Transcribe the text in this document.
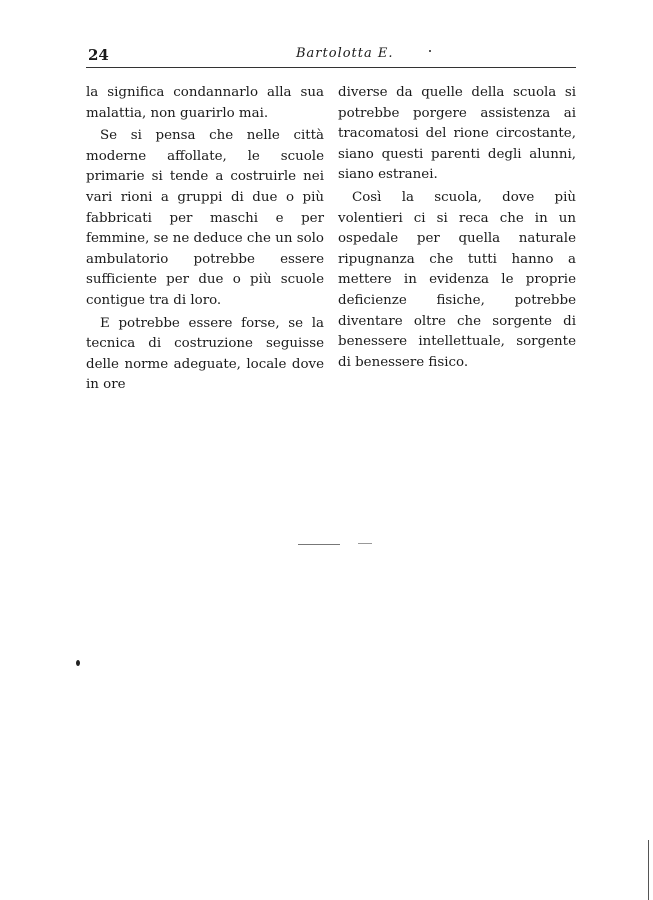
24	Bartolotta E.

la significa condannarlo alla sua malattia, non guarirlo mai.

Se si pensa che nelle città moderne affollate, le scuole primarie si tende a costruirle nei vari rioni a gruppi di due o più fabbricati per maschi e per femmine, se ne deduce che un solo ambulatorio potrebbe essere sufficiente per due o più scuole contigue tra di loro.

E potrebbe essere forse, se la tecnica di costruzione seguisse delle norme adeguate, locale dove in ore

diverse da quelle della scuola si potrebbe porgere assistenza ai tracomatosi del rione circostante, siano questi parenti degli alunni, siano estranei.

Così la scuola, dove più volentieri ci si reca che in un ospedale per quella naturale ripugnanza che tutti hanno a mettere in evidenza le proprie deficienze fisiche, potrebbe diventare oltre che sorgente di benessere intellettuale, sorgente di benessere fisico.
